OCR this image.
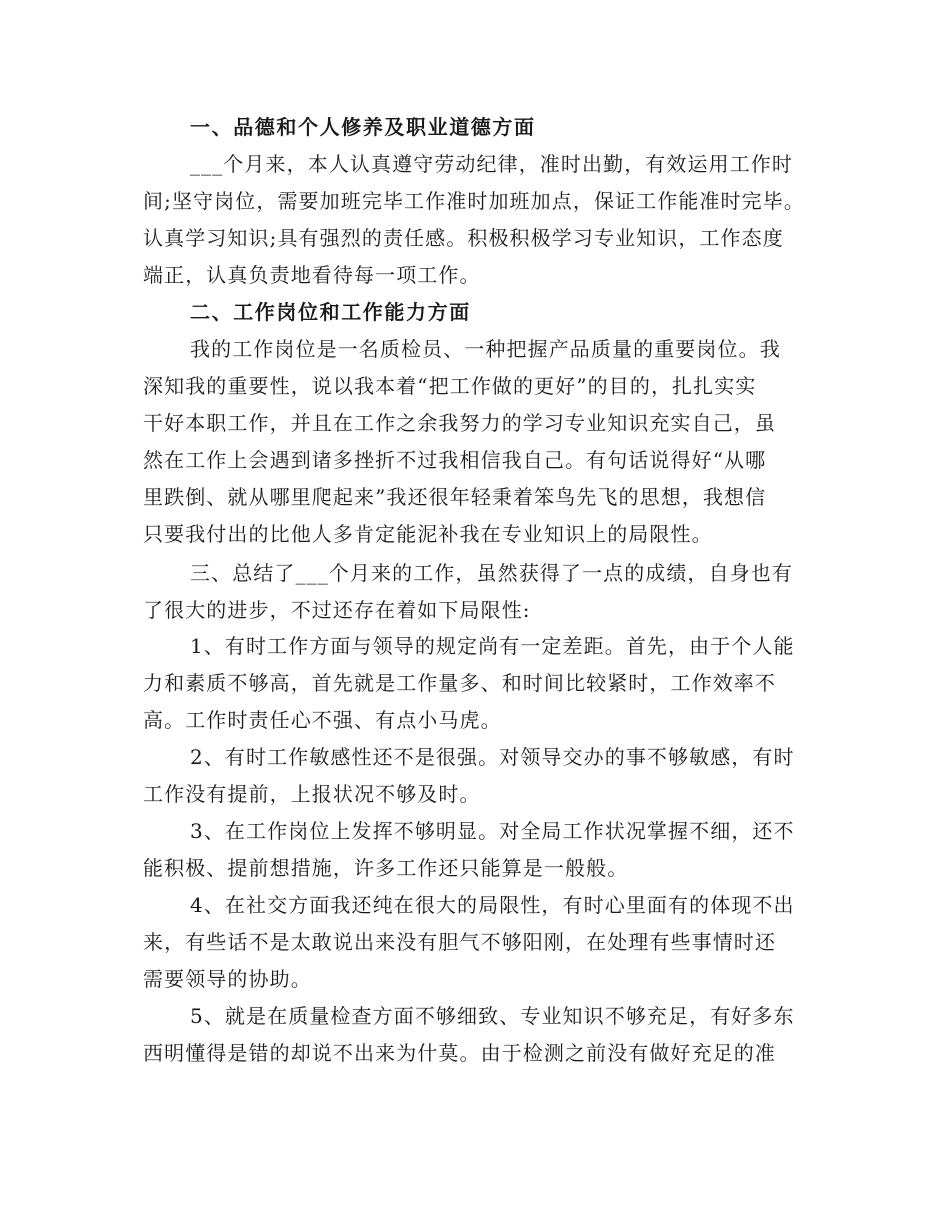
一、品德和个人修养及职业道德方面
___个月来，本人认真遵守劳动纪律，准时出勤，有效运用工作时
间;坚守岗位，需要加班完毕工作准时加班加点，保证工作能准时完毕。
认真学习知识;具有强烈的责任感。积极积极学习专业知识，工作态度
端正，认真负责地看待每一项工作。
二、工作岗位和工作能力方面
我的工作岗位是一名质检员、一种把握产品质量的重要岗位。我
深知我的重要性，说以我本着“把工作做的更好”的目的，扎扎实实
干好本职工作，并且在工作之余我努力的学习专业知识充实自己，虽
然在工作上会遇到诸多挫折不过我相信我自己。有句话说得好“从哪
里跌倒、就从哪里爬起来”我还很年轻秉着笨鸟先飞的思想，我想信
只要我付出的比他人多肯定能泥补我在专业知识上的局限性。
三、总结了___个月来的工作，虽然获得了一点的成绩，自身也有
了很大的进步，不过还存在着如下局限性:
1、有时工作方面与领导的规定尚有一定差距。首先，由于个人能
力和素质不够高，首先就是工作量多、和时间比较紧时，工作效率不
高。工作时责任心不强、有点小马虎。
2、有时工作敏感性还不是很强。对领导交办的事不够敏感，有时
工作没有提前，上报状况不够及时。
3、在工作岗位上发挥不够明显。对全局工作状况掌握不细，还不
能积极、提前想措施，许多工作还只能算是一般般。
4、在社交方面我还纯在很大的局限性，有时心里面有的体现不出
来，有些话不是太敢说出来没有胆气不够阳刚，在处理有些事情时还
需要领导的协助。
5、就是在质量检查方面不够细致、专业知识不够充足，有好多东
西明懂得是错的却说不出来为什莫。由于检测之前没有做好充足的准
